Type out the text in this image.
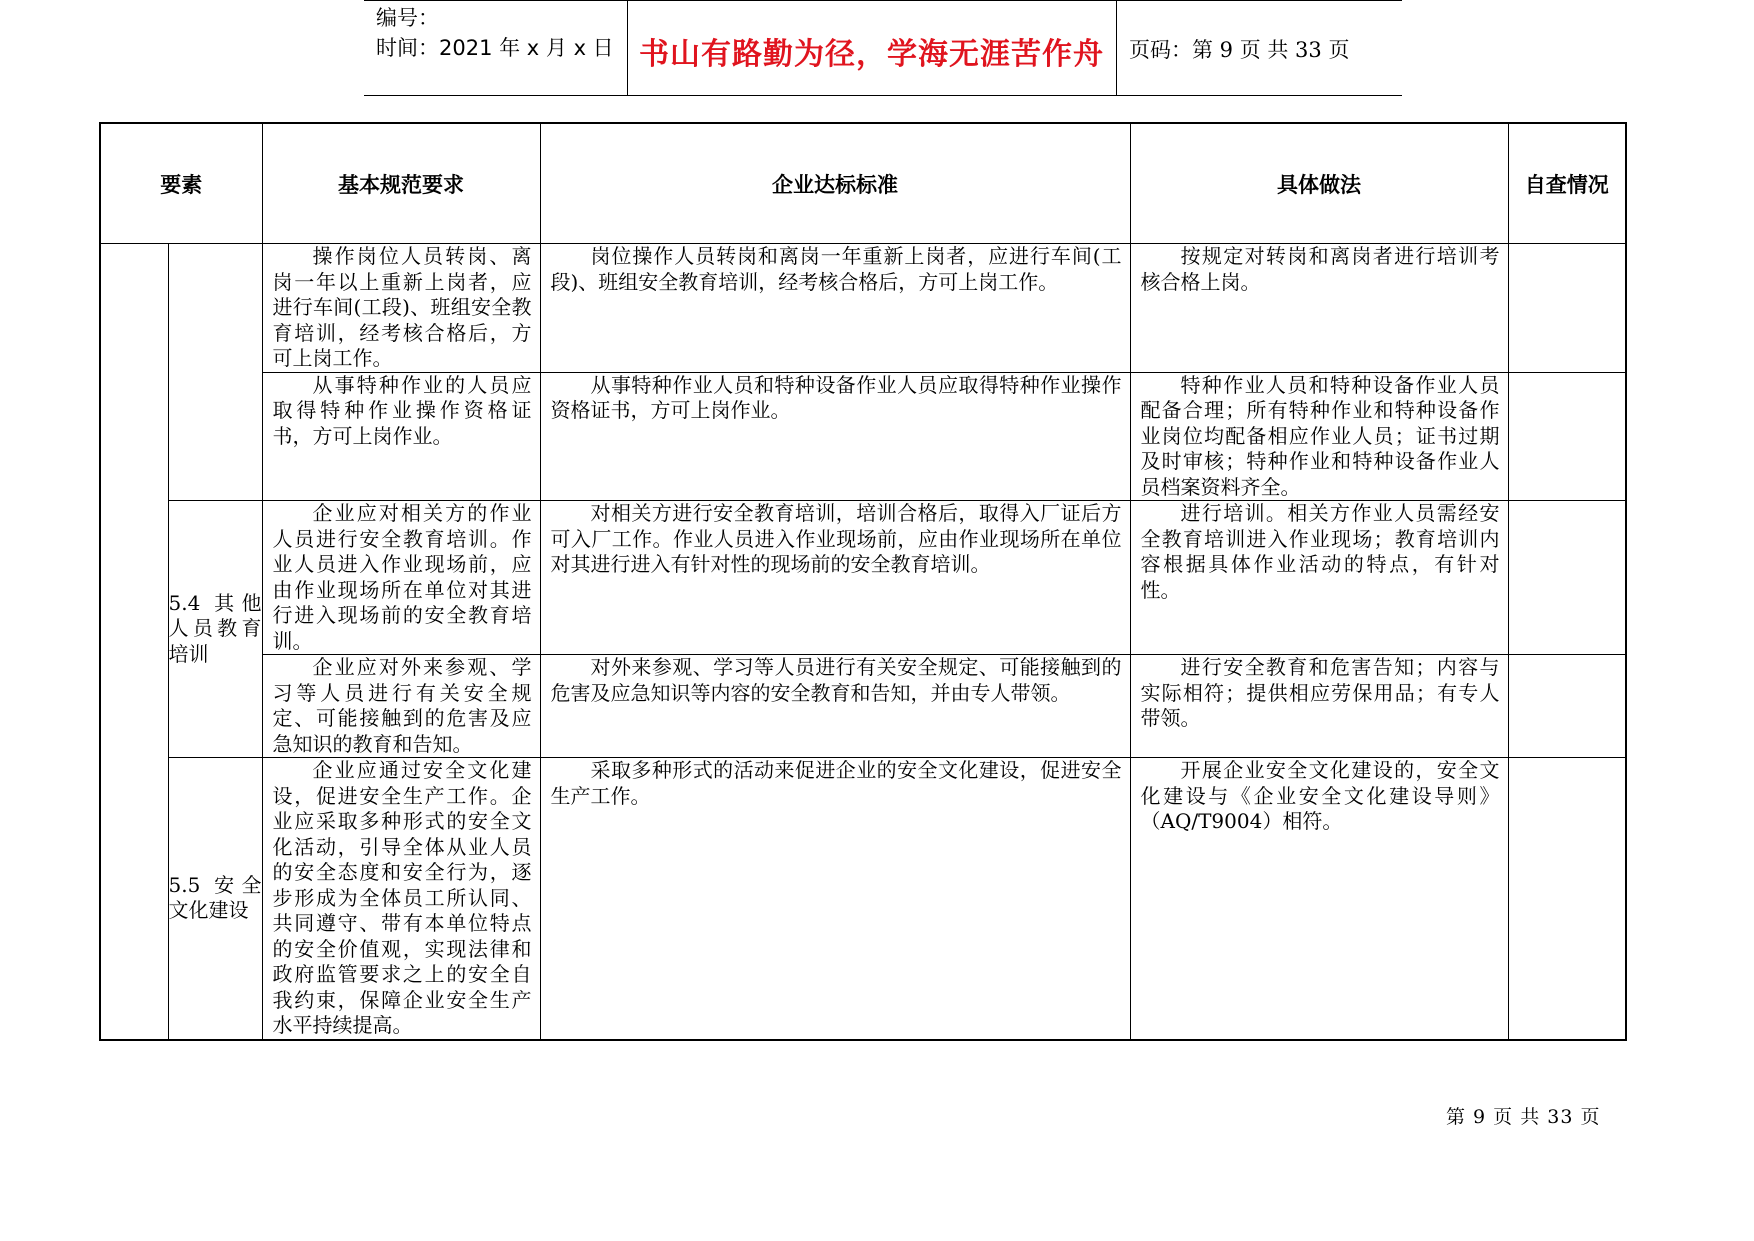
编号：
时间：2021 年 x 月 x 日 书山有路勤为径，学海无涯苦作舟	页码：第 9 页 共 33 页
要素		基本规范要求	企业达标标准	具体做法	自查情况

		操作岗位人员转岗、离岗一年以上重新上岗者，应进行车间(工段)、班组安全教育培训，经考核合格后，方可上岗工作。	岗位操作人员转岗和离岗一年重新上岗者，应进行车间(工段)、班组安全教育培训，经考核合格后，方可上岗工作。	按规定对转岗和离岗者进行培训考核合格上岗。	

		从事特种作业的人员应取得特种作业操作资格证书，方可上岗作业。	从事特种作业人员和特种设备作业人员应取得特种作业操作资格证书，方可上岗作业。	特种作业人员和特种设备作业人员配备合理；所有特种作业和特种设备作业岗位均配备相应作业人员；证书过期及时审核；特种作业和特种设备作业人员档案资料齐全。	

	5.4 其他人员教育培训	企业应对相关方的作业人员进行安全教育培训。作业人员进入作业现场前，应由作业现场所在单位对其进行进入现场前的安全教育培训。	对相关方进行安全教育培训，培训合格后，取得入厂证后方可入厂工作。作业人员进入作业现场前，应由作业现场所在单位对其进行进入有针对性的现场前的安全教育培训。	进行培训。相关方作业人员需经安全教育培训进入作业现场；教育培训内容根据具体作业活动的特点，有针对性。	

		企业应对外来参观、学习等人员进行有关安全规定、可能接触到的危害及应急知识的教育和告知。	对外来参观、学习等人员进行有关安全规定、可能接触到的危害及应急知识等内容的安全教育和告知，并由专人带领。	进行安全教育和危害告知；内容与实际相符；提供相应劳保用品；有专人带领。	

	5.5 安全文化建设	企业应通过安全文化建设，促进安全生产工作。企业应采取多种形式的安全文化活动，引导全体从业人员的安全态度和安全行为，逐步形成为全体员工所认同、共同遵守、带有本单位特点的安全价值观，实现法律和政府监管要求之上的安全自我约束，保障企业安全生产水平持续提高。	采取多种形式的活动来促进企业的安全文化建设，促进安全生产工作。	开展企业安全文化建设的，安全文化建设与《企业安全文化建设导则》（AQ/T9004）相符。	

第 9 页 共 33 页
